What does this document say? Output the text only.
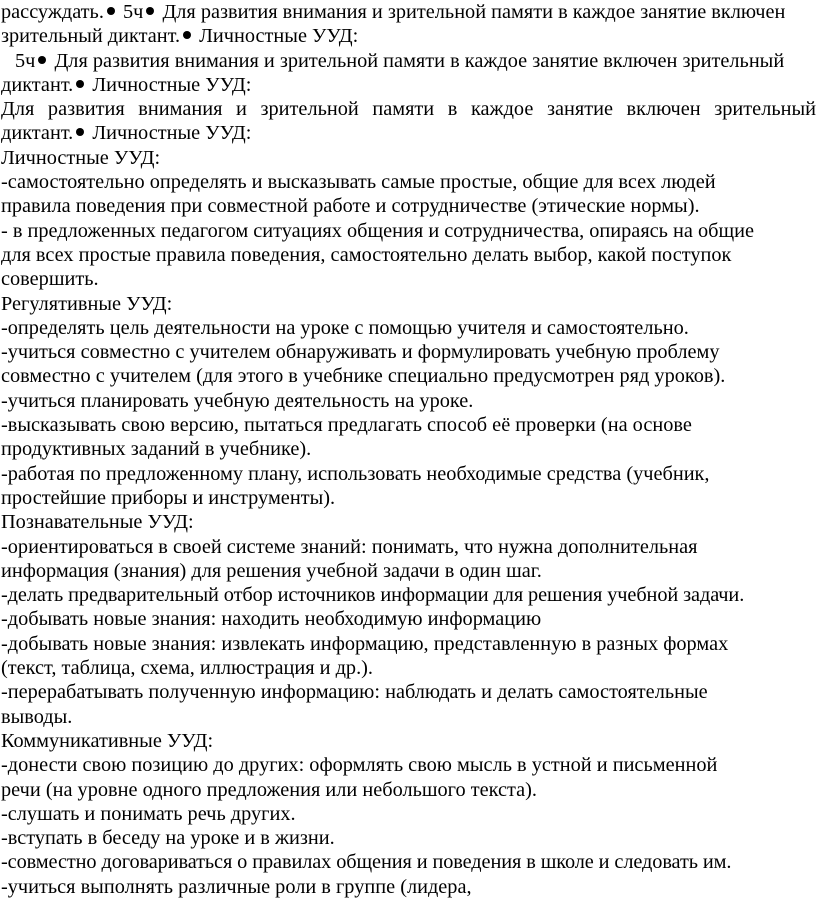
рассуждать. 5ч Для развития внимания и зрительной памяти в каждое занятие включен
зрительный диктант. Личностные УУД:
5ч Для развития внимания и зрительной памяти в каждое занятие включен зрительный
диктант. Личностные УУД:
Для развития внимания и зрительной памяти в каждое занятие включен зрительный
диктант. Личностные УУД:
Личностные УУД:
-самостоятельно определять и высказывать самые простые, общие для всех людей
правила поведения при совместной работе и сотрудничестве (этические нормы).
- в предложенных педагогом ситуациях общения и сотрудничества, опираясь на общие
для всех простые правила поведения, самостоятельно делать выбор, какой поступок
совершить.
Регулятивные УУД:
-определять цель деятельности на уроке с помощью учителя и самостоятельно.
-учиться совместно с учителем обнаруживать и формулировать учебную проблему
совместно с учителем (для этого в учебнике специально предусмотрен ряд уроков).
-учиться планировать учебную деятельность на уроке.
-высказывать свою версию, пытаться предлагать способ её проверки (на основе
продуктивных заданий в учебнике).
-работая по предложенному плану, использовать необходимые средства (учебник,
простейшие приборы и инструменты).
Познавательные УУД:
-ориентироваться в своей системе знаний: понимать, что нужна дополнительная
информация (знания) для решения учебной задачи в один шаг.
-делать предварительный отбор источников информации для решения учебной задачи.
-добывать новые знания: находить необходимую информацию
-добывать новые знания: извлекать информацию, представленную в разных формах
(текст, таблица, схема, иллюстрация и др.).
-перерабатывать полученную информацию: наблюдать и делать самостоятельные
выводы.
Коммуникативные УУД:
-донести свою позицию до других: оформлять свою мысль в устной и письменной
речи (на уровне одного предложения или небольшого текста).
-слушать и понимать речь других.
-вступать в беседу на уроке и в жизни.
-совместно договариваться о правилах общения и поведения в школе и следовать им.
-учиться выполнять различные роли в группе (лидера,
